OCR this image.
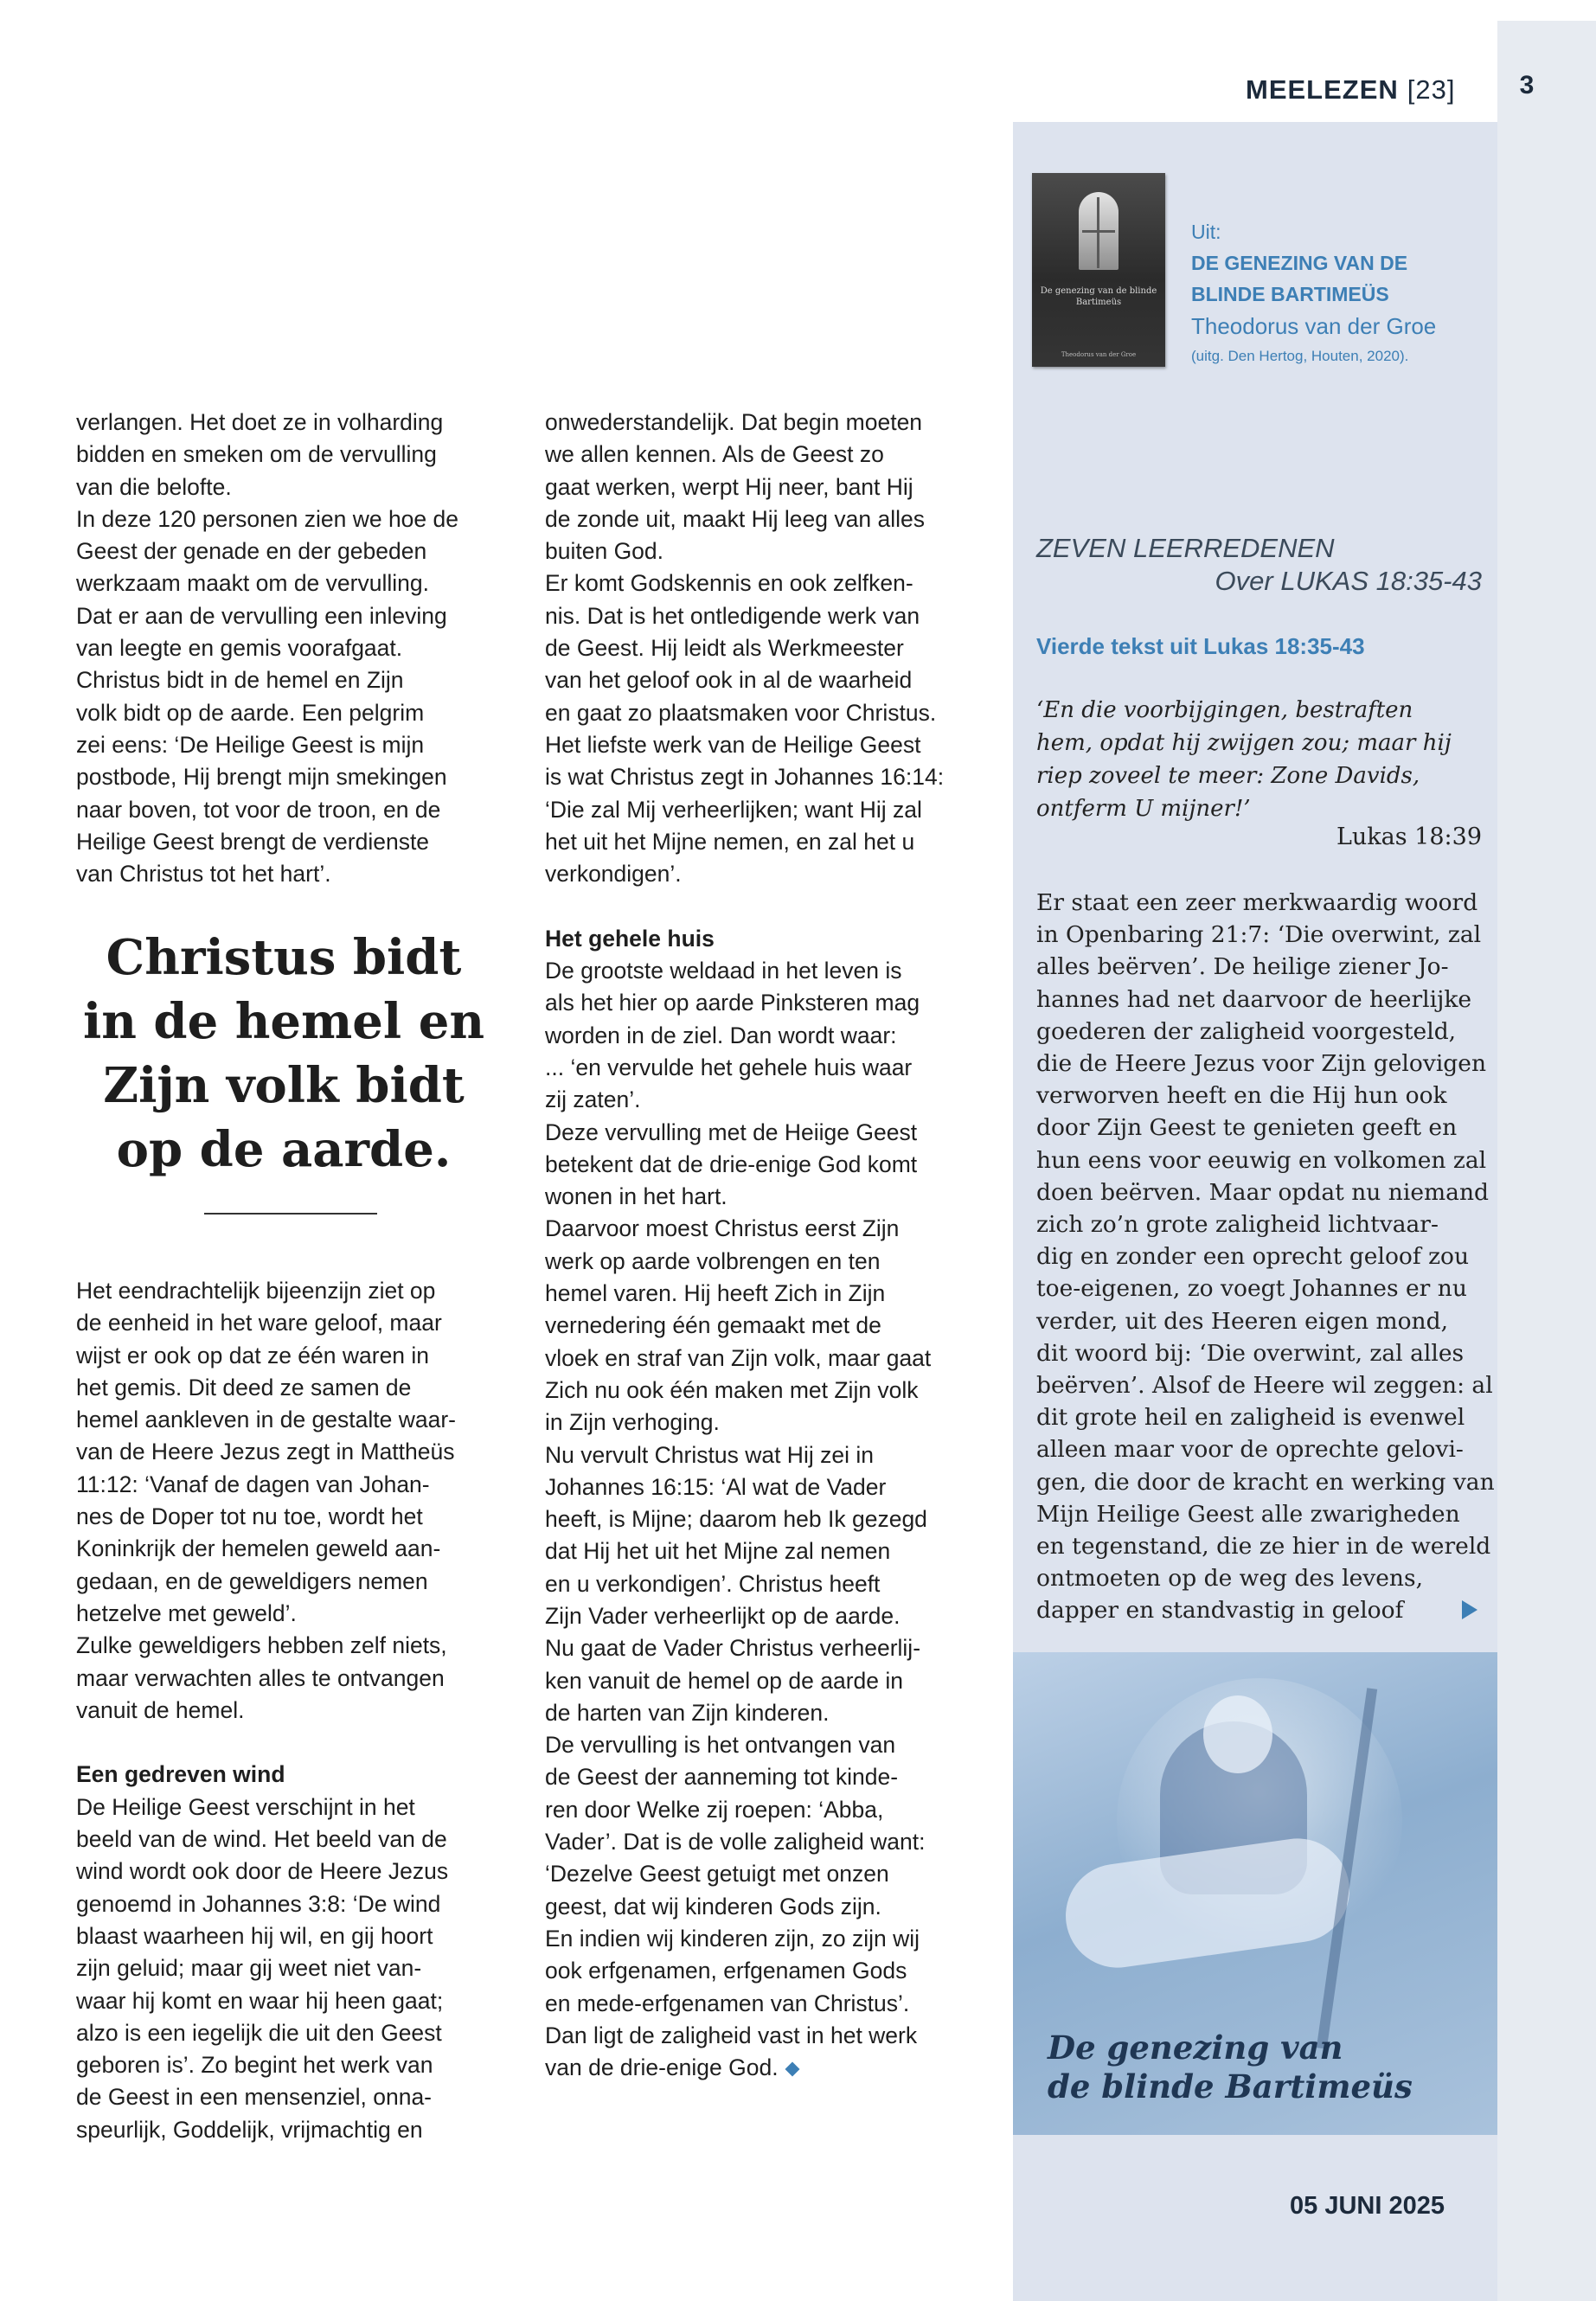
3
MEELEZEN [23]
De genezing van de blinde Bartimeüs
Theodorus van der Groe
Uit:
DE GENEZING VAN DE
BLINDE BARTIMEÜS
Theodorus van der Groe
(uitg. Den Hertog, Houten, 2020).
ZEVEN LEERREDENEN
Over LUKAS 18:35-43
Vierde tekst uit Lukas 18:35-43
‘En die voorbijgingen, bestraften hem, opdat hij zwijgen zou; maar hij riep zoveel te meer: Zone Davids, ontferm U mijner!’
Lukas 18:39

Er staat een zeer merkwaardig woord
in Openbaring 21:7: ‘Die overwint, zal
alles beërven’. De heilige ziener Jo-
hannes had net daarvoor de heerlijke
goederen der zaligheid voorgesteld,
die de Heere Jezus voor Zijn gelovigen
verworven heeft en die Hij hun ook
door Zijn Geest te genieten geeft en
hun eens voor eeuwig en volkomen zal
doen beërven. Maar opdat nu niemand
zich zo’n grote zaligheid lichtvaar-
dig en zonder een oprecht geloof zou
toe-eigenen, zo voegt Johannes er nu
verder, uit des Heeren eigen mond,
dit woord bij: ‘Die overwint, zal alles
beërven’. Alsof de Heere wil zeggen: al
dit grote heil en zaligheid is evenwel
alleen maar voor de oprechte gelovi-
gen, die door de kracht en werking van
Mijn Heilige Geest alle zwarigheden
en tegenstand, die ze hier in de wereld
ontmoeten op de weg des levens,
dapper en standvastig in geloof

De genezing van
de blinde Bartimeüs
05 JUNI 2025

verlangen. Het doet ze in volharding
bidden en smeken om de vervulling
van die belofte.
In deze 120 personen zien we hoe de
Geest der genade en der gebeden
werkzaam maakt om de vervulling.
Dat er aan de vervulling een inleving
van leegte en gemis voorafgaat.
Christus bidt in de hemel en Zijn
volk bidt op de aarde. Een pelgrim
zei eens: ‘De Heilige Geest is mijn
postbode, Hij brengt mijn smekingen
naar boven, tot voor de troon, en de
Heilige Geest brengt de verdienste
van Christus tot het hart’.

Christus bidt in de hemel en Zijn volk bidt op de aarde.

Het eendrachtelijk bijeenzijn ziet op
de eenheid in het ware geloof, maar
wijst er ook op dat ze één waren in
het gemis. Dit deed ze samen de
hemel aankleven in de gestalte waar-
van de Heere Jezus zegt in Mattheüs
11:12: ‘Vanaf de dagen van Johan-
nes de Doper tot nu toe, wordt het
Koninkrijk der hemelen geweld aan-
gedaan, en de geweldigers nemen
hetzelve met geweld’.
Zulke geweldigers hebben zelf niets,
maar verwachten alles te ontvangen
vanuit de hemel.

Een gedreven wind

De Heilige Geest verschijnt in het
beeld van de wind. Het beeld van de
wind wordt ook door de Heere Jezus
genoemd in Johannes 3:8: ‘De wind
blaast waarheen hij wil, en gij hoort
zijn geluid; maar gij weet niet van-
waar hij komt en waar hij heen gaat;
alzo is een iegelijk die uit den Geest
geboren is’. Zo begint het werk van
de Geest in een mensenziel, onna-
speurlijk, Goddelijk, vrijmachtig en

onwederstandelijk. Dat begin moeten
we allen kennen. Als de Geest zo
gaat werken, werpt Hij neer, bant Hij
de zonde uit, maakt Hij leeg van alles
buiten God.
Er komt Godskennis en ook zelfken-
nis. Dat is het ontledigende werk van
de Geest. Hij leidt als Werkmeester
van het geloof ook in al de waarheid
en gaat zo plaatsmaken voor Christus.
Het liefste werk van de Heilige Geest
is wat Christus zegt in Johannes 16:14:
‘Die zal Mij verheerlijken; want Hij zal
het uit het Mijne nemen, en zal het u
verkondigen’.

Het gehele huis

De grootste weldaad in het leven is
als het hier op aarde Pinksteren mag
worden in de ziel. Dan wordt waar:
... ‘en vervulde het gehele huis waar
zij zaten’.
Deze vervulling met de Heiige Geest
betekent dat de drie-enige God komt
wonen in het hart.
Daarvoor moest Christus eerst Zijn
werk op aarde volbrengen en ten
hemel varen. Hij heeft Zich in Zijn
vernedering één gemaakt met de
vloek en straf van Zijn volk, maar gaat
Zich nu ook één maken met Zijn volk
in Zijn verhoging.
Nu vervult Christus wat Hij zei in
Johannes 16:15: ‘Al wat de Vader
heeft, is Mijne; daarom heb Ik gezegd
dat Hij het uit het Mijne zal nemen
en u verkondigen’. Christus heeft
Zijn Vader verheerlijkt op de aarde.
Nu gaat de Vader Christus verheerlij-
ken vanuit de hemel op de aarde in
de harten van Zijn kinderen.
De vervulling is het ontvangen van
de Geest der aanneming tot kinde-
ren door Welke zij roepen: ‘Abba,
Vader’. Dat is de volle zaligheid want:
‘Dezelve Geest getuigt met onzen
geest, dat wij kinderen Gods zijn.
En indien wij kinderen zijn, zo zijn wij
ook erfgenamen, erfgenamen Gods
en mede-erfgenamen van Christus’.
Dan ligt de zaligheid vast in het werk
van de drie-enige God.
